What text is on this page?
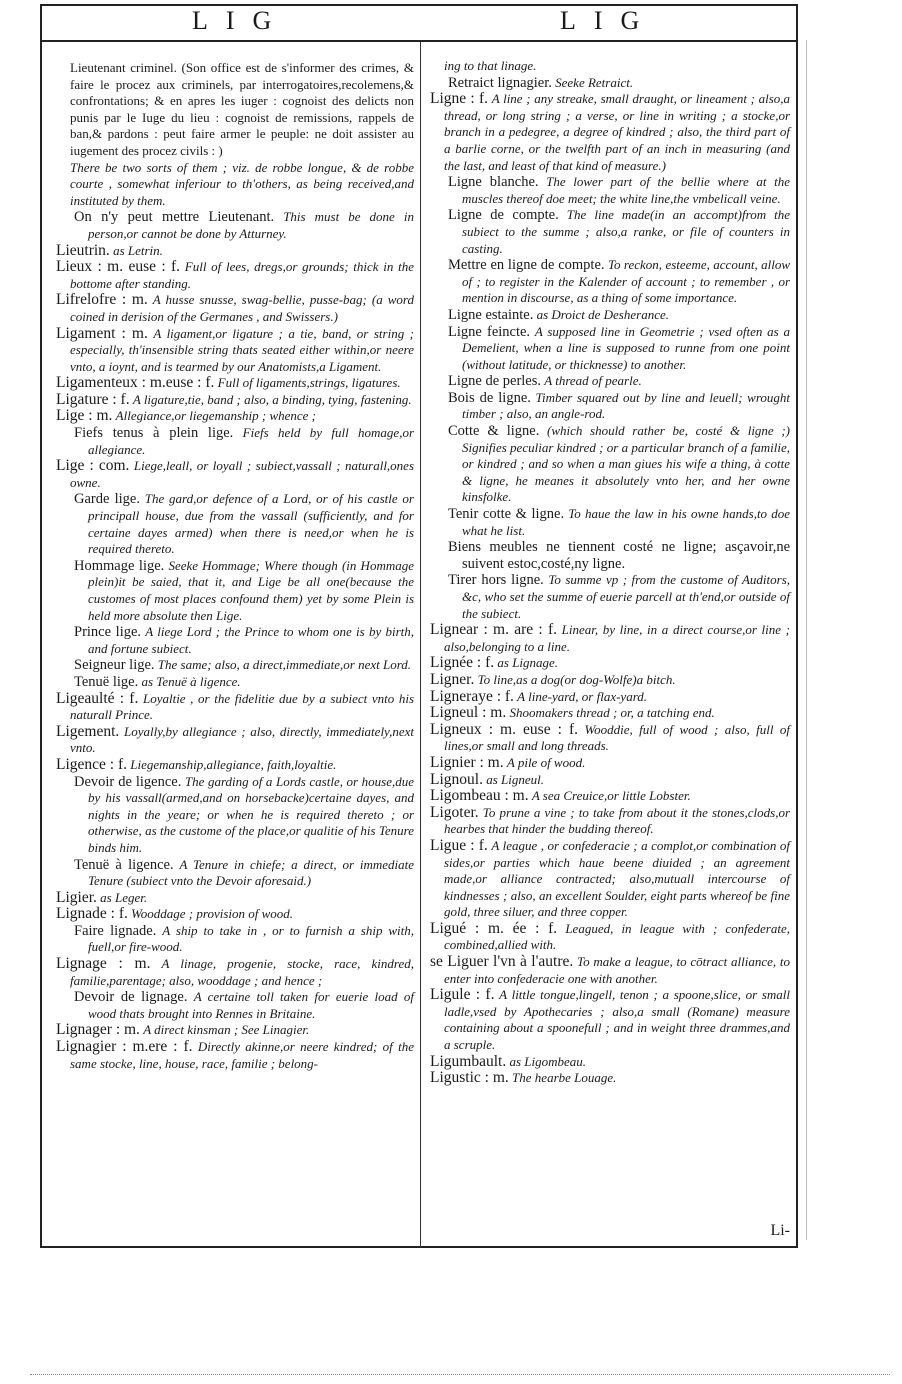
LIG	LIG

Lieutenant criminel. (Son office est de s'informer des crimes, & faire le procez aux criminels, par interrogatoires,recolemens,& confrontations; & en apres les iuger : cognoist des delicts non punis par le Iuge du lieu : cognoist de remissions, rappels de ban,& pardons : peut faire armer le peuple: ne doit assister au iugement des procez civils : )

There be two sorts of them ; viz. de robbe longue, & de robbe courte , somewhat inferiour to th'others, as being received,and instituted by them.

On n'y peut mettre Lieutenant. This must be done in person,or cannot be done by Atturney.

Lieutrin. as Letrin.

Lieux : m. euse : f. Full of lees, dregs,or grounds; thick in the bottome after standing.

Lifrelofre : m. A husse snusse, swag-bellie, pusse-bag; (a word coined in derision of the Germanes , and Swissers.)

Ligament : m. A ligament,or ligature ; a tie, band, or string ; especially, th'insensible string thats seated either within,or neere vnto, a ioynt, and is tearmed by our Anatomists,a Ligament.

Ligamenteux : m.euse : f. Full of ligaments,strings, ligatures.

Ligature : f. A ligature,tie, band ; also, a binding, tying, fastening.

Lige : m. Allegiance,or liegemanship ; whence ;

Fiefs tenus à plein lige. Fiefs held by full homage,or allegiance.

Lige : com. Liege,leall, or loyall ; subiect,vassall ; naturall,ones owne.

Garde lige. The gard,or defence of a Lord, or of his castle or principall house, due from the vassall (sufficiently, and for certaine dayes armed) when there is need,or when he is required thereto.

Hommage lige. Seeke Hommage; Where though (in Hommage plein)it be saied, that it, and Lige be all one(because the customes of most places confound them) yet by some Plein is held more absolute then Lige.

Prince lige. A liege Lord ; the Prince to whom one is by birth, and fortune subiect.

Seigneur lige. The same; also, a direct,immediate,or next Lord.

Tenuë lige. as Tenuë à ligence.

Ligeaulté : f. Loyaltie , or the fidelitie due by a subiect vnto his naturall Prince.

Ligement. Loyally,by allegiance ; also, directly, immediately,next vnto.

Ligence : f. Liegemanship,allegiance, faith,loyaltie.

Devoir de ligence. The garding of a Lords castle, or house,due by his vassall(armed,and on horsebacke)certaine dayes, and nights in the yeare; or when he is required thereto ; or otherwise, as the custome of the place,or qualitie of his Tenure binds him.

Tenuë à ligence. A Tenure in chiefe; a direct, or immediate Tenure (subiect vnto the Devoir aforesaid.)

Ligier. as Leger.

Lignade : f. Wooddage ; provision of wood.

Faire lignade. A ship to take in , or to furnish a ship with, fuell,or fire-wood.

Lignage : m. A linage, progenie, stocke, race, kindred, familie,parentage; also, wooddage ; and hence ;

Devoir de lignage. A certaine toll taken for euerie load of wood thats brought into Rennes in Britaine.

Lignager : m. A direct kinsman ; See Linagier.

Lignagier : m.ere : f. Directly akinne,or neere kindred; of the same stocke, line, house, race, familie ; belong-

ing to that linage.

Retraict lignagier. Seeke Retraict.

Ligne : f. A line ; any streake, small draught, or lineament ; also,a thread, or long string ; a verse, or line in writing ; a stocke,or branch in a pedegree, a degree of kindred ; also, the third part of a barlie corne, or the twelfth part of an inch in measuring (and the last, and least of that kind of measure.)

Ligne blanche. The lower part of the bellie where at the muscles thereof doe meet; the white line,the vmbelicall veine.

Ligne de compte. The line made(in an accompt)from the subiect to the summe ; also,a ranke, or file of counters in casting.

Mettre en ligne de compte. To reckon, esteeme, account, allow of ; to register in the Kalender of account ; to remember , or mention in discourse, as a thing of some importance.

Ligne estainte. as Droict de Desherance.

Ligne feincte. A supposed line in Geometrie ; vsed often as a Demelient, when a line is supposed to runne from one point (without latitude, or thicknesse) to another.

Ligne de perles. A thread of pearle.

Bois de ligne. Timber squared out by line and leuell; wrought timber ; also, an angle-rod.

Cotte & ligne. (which should rather be, costé & ligne ;) Signifies peculiar kindred ; or a particular branch of a familie, or kindred ; and so when a man giues his wife a thing, à cotte & ligne, he meanes it absolutely vnto her, and her owne kinsfolke.

Tenir cotte & ligne. To haue the law in his owne hands,to doe what he list.

Biens meubles ne tiennent costé ne ligne; asçavoir,ne suivent estoc,costé,ny ligne.

Tirer hors ligne. To summe vp ; from the custome of Auditors, &c, who set the summe of euerie parcell at th'end,or outside of the subiect.

Lignear : m. are : f. Linear, by line, in a direct course,or line ; also,belonging to a line.

Lignée : f. as Lignage.

Ligner. To line,as a dog(or dog-Wolfe)a bitch.

Ligneraye : f. A line-yard, or flax-yard.

Ligneul : m. Shoomakers thread ; or, a tatching end.

Ligneux : m. euse : f. Wooddie, full of wood ; also, full of lines,or small and long threads.

Lignier : m. A pile of wood.

Lignoul. as Ligneul.

Ligombeau : m. A sea Creuice,or little Lobster.

Ligoter. To prune a vine ; to take from about it the stones,clods,or hearbes that hinder the budding thereof.

Ligue : f. A league , or confederacie ; a complot,or combination of sides,or parties which haue beene diuided ; an agreement made,or alliance contracted; also,mutuall intercourse of kindnesses ; also, an excellent Soulder, eight parts whereof be fine gold, three siluer, and three copper.

Ligué : m. ée : f. Leagued, in league with ; confederate, combined,allied with.

se Liguer l'vn à l'autre. To make a league, to cōtract alliance, to enter into confederacie one with another.

Ligule : f. A little tongue,lingell, tenon ; a spoone,slice, or small ladle,vsed by Apothecaries ; also,a small (Romane) measure containing about a spoonefull ; and in weight three drammes,and a scruple.

Ligumbault. as Ligombeau.

Ligustic : m. The hearbe Louage.

Li-
